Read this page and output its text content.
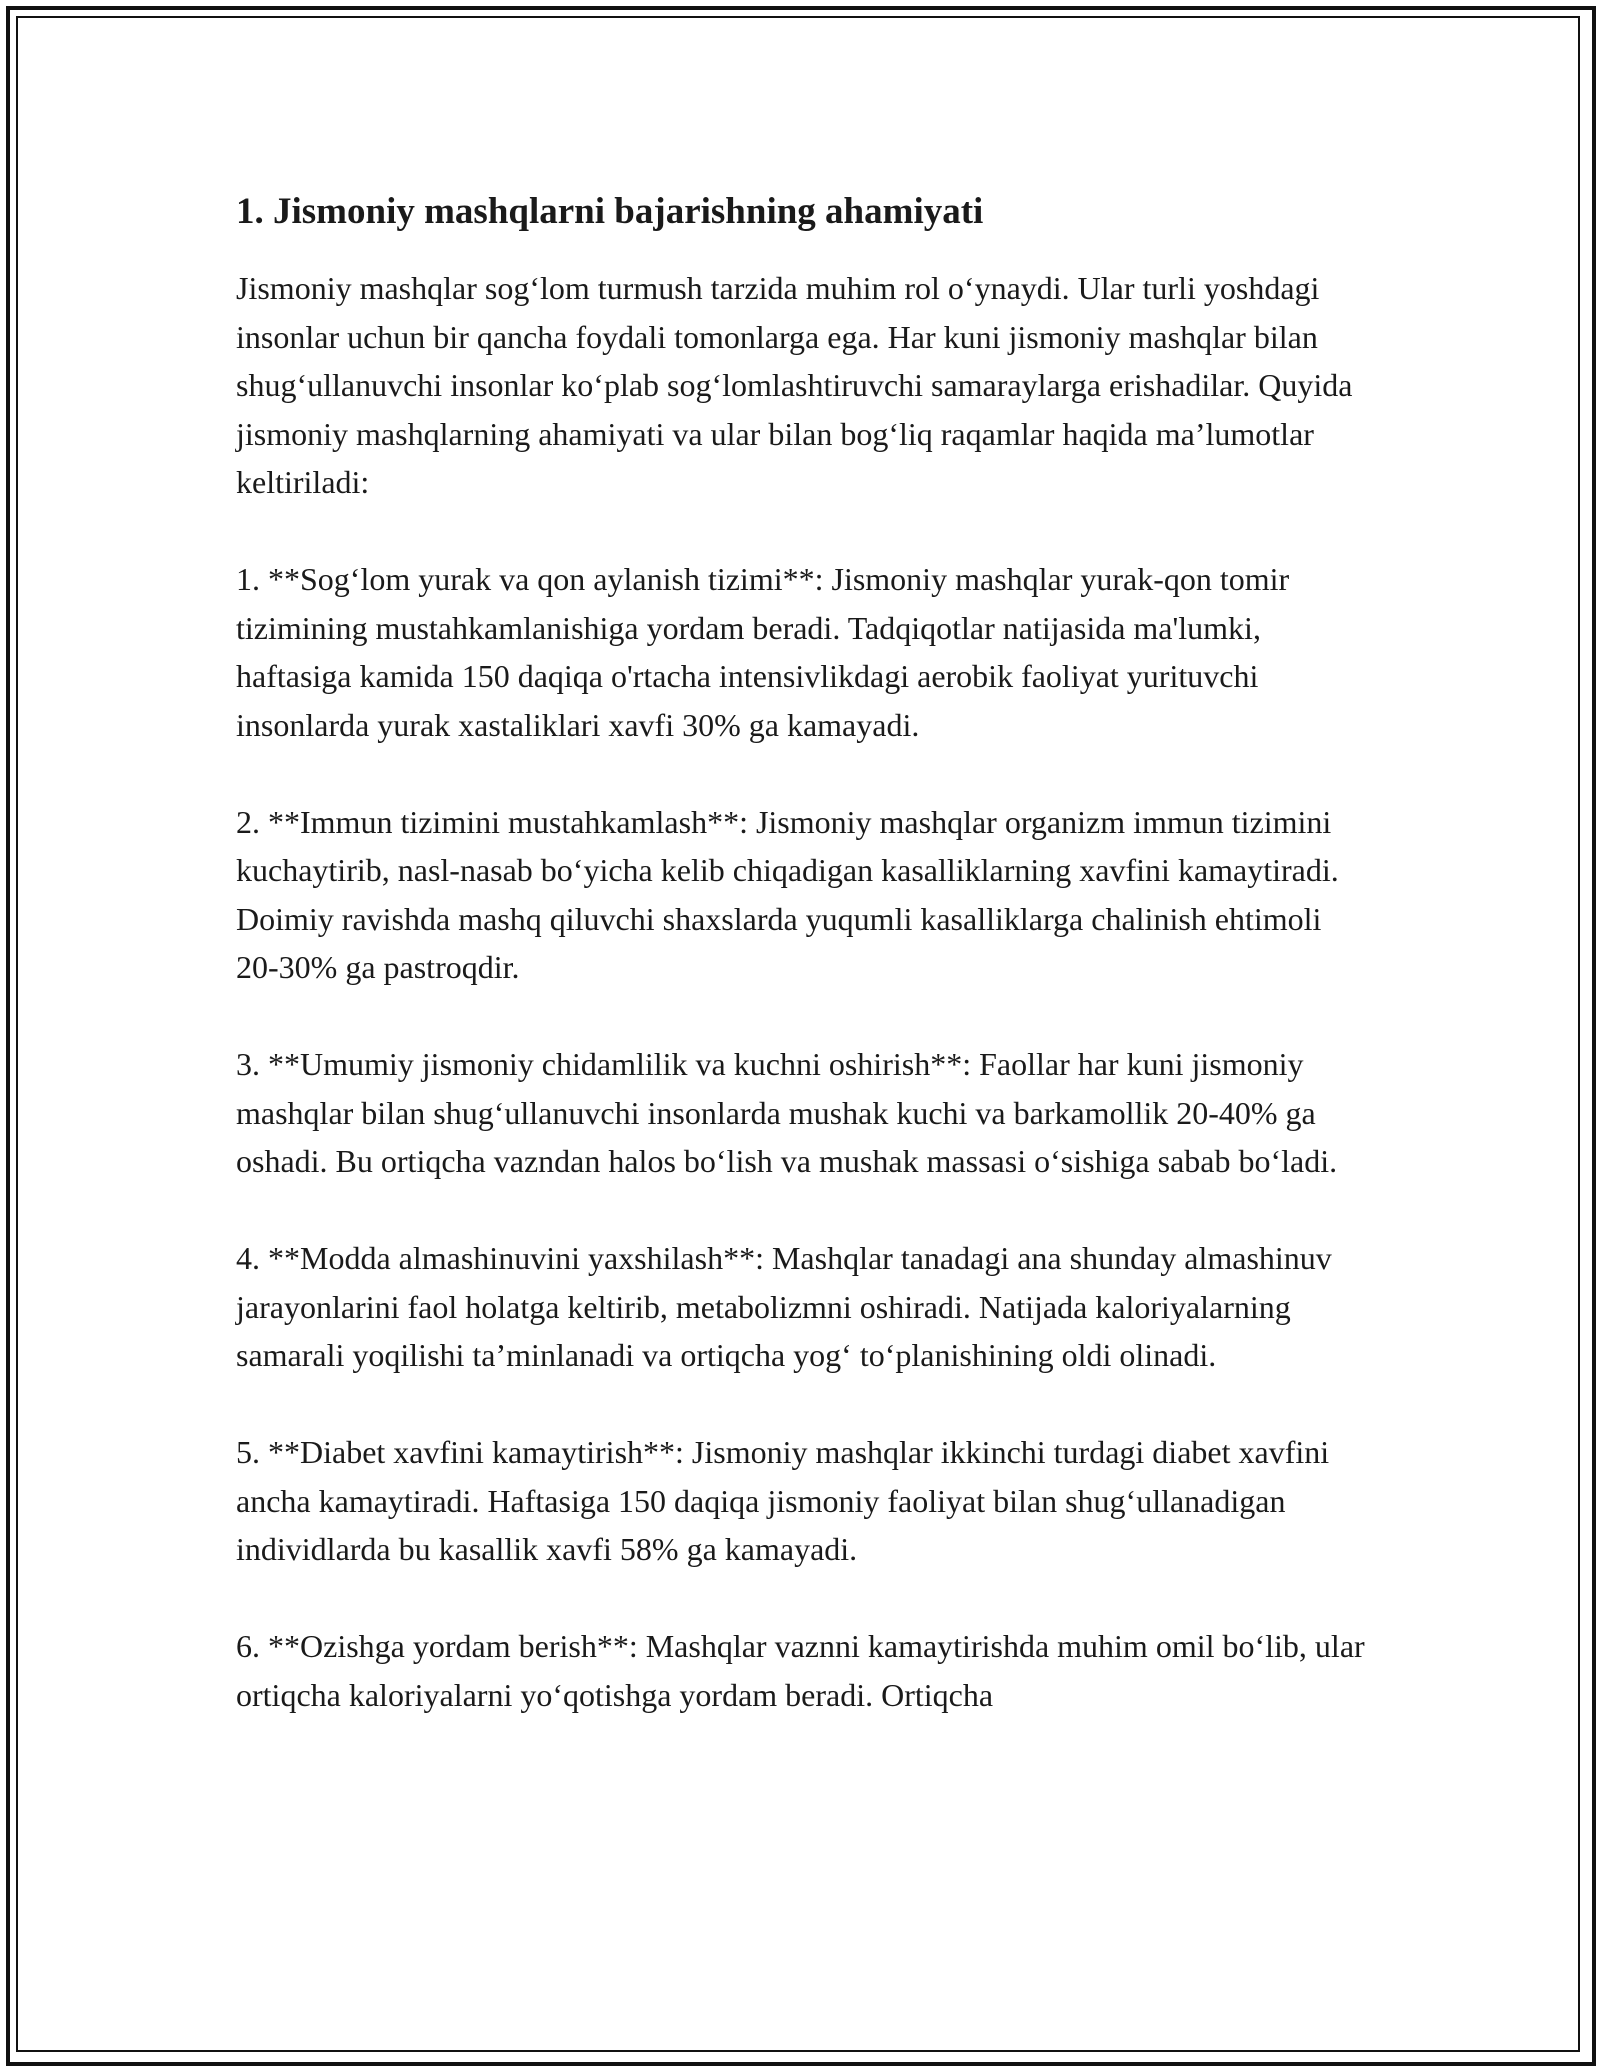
1. Jismoniy mashqlarni bajarishning ahamiyati

Jismoniy mashqlar sog‘lom turmush tarzida muhim rol o‘ynaydi. Ular turli yoshdagi insonlar uchun bir qancha foydali tomonlarga ega. Har kuni jismoniy mashqlar bilan shug‘ullanuvchi insonlar ko‘plab sog‘lomlashtiruvchi samaraylarga erishadilar. Quyida jismoniy mashqlarning ahamiyati va ular bilan bog‘liq raqamlar haqida ma’lumotlar keltiriladi:

1. **Sog‘lom yurak va qon aylanish tizimi**: Jismoniy mashqlar yurak-qon tomir tizimining mustahkamlanishiga yordam beradi. Tadqiqotlar natijasida ma'lumki, haftasiga kamida 150 daqiqa o'rtacha intensivlikdagi aerobik faoliyat yurituvchi insonlarda yurak xastaliklari xavfi 30% ga kamayadi.

2. **Immun tizimini mustahkamlash**: Jismoniy mashqlar organizm immun tizimini kuchaytirib, nasl-nasab bo‘yicha kelib chiqadigan kasalliklarning xavfini kamaytiradi. Doimiy ravishda mashq qiluvchi shaxslarda yuqumli kasalliklarga chalinish ehtimoli 20-30% ga pastroqdir.

3. **Umumiy jismoniy chidamlilik va kuchni oshirish**: Faollar har kuni jismoniy mashqlar bilan shug‘ullanuvchi insonlarda mushak kuchi va barkamollik 20-40% ga oshadi. Bu ortiqcha vazndan halos bo‘lish va mushak massasi o‘sishiga sabab bo‘ladi.

4. **Modda almashinuvini yaxshilash**: Mashqlar tanadagi ana shunday almashinuv jarayonlarini faol holatga keltirib, metabolizmni oshiradi. Natijada kaloriyalarning samarali yoqilishi ta’minlanadi va ortiqcha yog‘ to‘planishining oldi olinadi.

5. **Diabet xavfini kamaytirish**: Jismoniy mashqlar ikkinchi turdagi diabet xavfini ancha kamaytiradi. Haftasiga 150 daqiqa jismoniy faoliyat bilan shug‘ullanadigan individlarda bu kasallik xavfi 58% ga kamayadi.

6. **Ozishga yordam berish**: Mashqlar vaznni kamaytirishda muhim omil bo‘lib, ular ortiqcha kaloriyalarni yo‘qotishga yordam beradi. Ortiqcha
